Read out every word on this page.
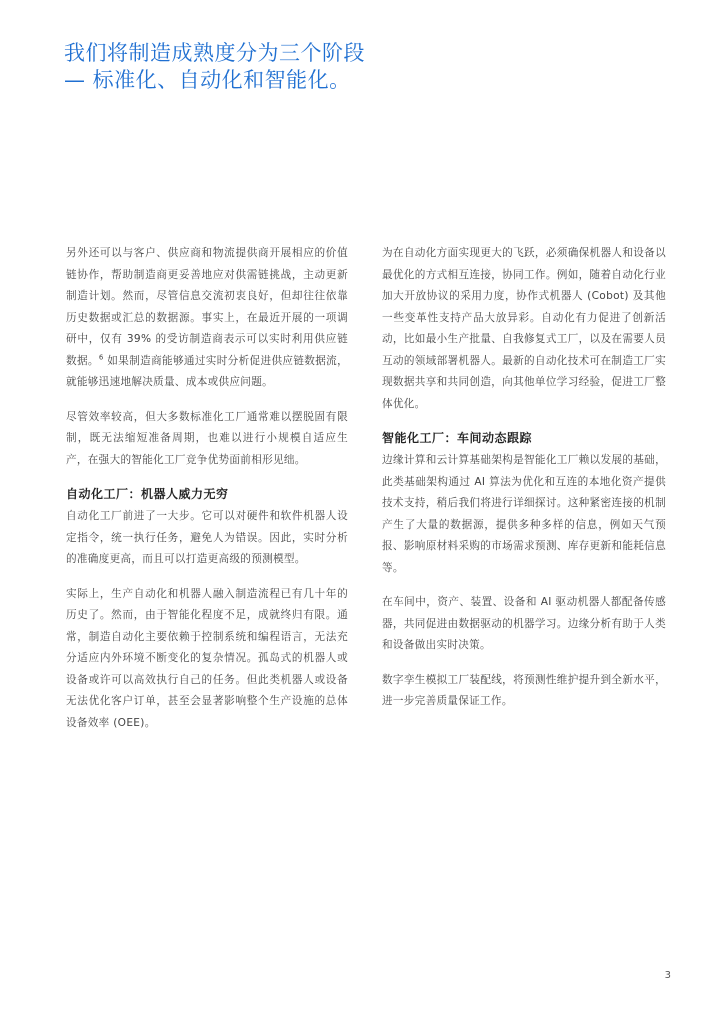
我们将制造成熟度分为三个阶段
— 标准化、自动化和智能化。

另外还可以与客户、供应商和物流提供商开展相应的价值链协作，帮助制造商更妥善地应对供需链挑战，主动更新制造计划。然而，尽管信息交流初衷良好，但却往往依靠历史数据或汇总的数据源。事实上，在最近开展的一项调研中，仅有 39% 的受访制造商表示可以实时利用供应链数据。$^6$ 如果制造商能够通过实时分析促进供应链数据流，就能够迅速地解决质量、成本或供应问题。

尽管效率较高，但大多数标准化工厂通常难以摆脱固有限制，既无法缩短准备周期，也难以进行小规模自适应生产，在强大的智能化工厂竞争优势面前相形见绌。

自动化工厂：机器人威力无穷

自动化工厂前进了一大步。它可以对硬件和软件机器人设定指令，统一执行任务，避免人为错误。因此，实时分析的准确度更高，而且可以打造更高级的预测模型。

实际上，生产自动化和机器人融入制造流程已有几十年的历史了。然而，由于智能化程度不足，成就终归有限。通常，制造自动化主要依赖于控制系统和编程语言，无法充分适应内外环境不断变化的复杂情况。孤岛式的机器人或设备或许可以高效执行自己的任务。但此类机器人或设备无法优化客户订单，甚至会显著影响整个生产设施的总体设备效率 (OEE)。

为在自动化方面实现更大的飞跃，必须确保机器人和设备以最优化的方式相互连接，协同工作。例如，随着自动化行业加大开放协议的采用力度，协作式机器人 (Cobot) 及其他一些变革性支持产品大放异彩。自动化有力促进了创新活动，比如最小生产批量、自我修复式工厂，以及在需要人员互动的领域部署机器人。最新的自动化技术可在制造工厂实现数据共享和共同创造，向其他单位学习经验，促进工厂整体优化。

智能化工厂：车间动态跟踪

边缘计算和云计算基础架构是智能化工厂赖以发展的基础，此类基础架构通过 AI 算法为优化和互连的本地化资产提供技术支持，稍后我们将进行详细探讨。这种紧密连接的机制产生了大量的数据源，提供多种多样的信息，例如天气预报、影响原材料采购的市场需求预测、库存更新和能耗信息等。

在车间中，资产、装置、设备和 AI 驱动机器人都配备传感器，共同促进由数据驱动的机器学习。边缘分析有助于人类和设备做出实时决策。

数字孪生模拟工厂装配线，将预测性维护提升到全新水平，进一步完善质量保证工作。

3
